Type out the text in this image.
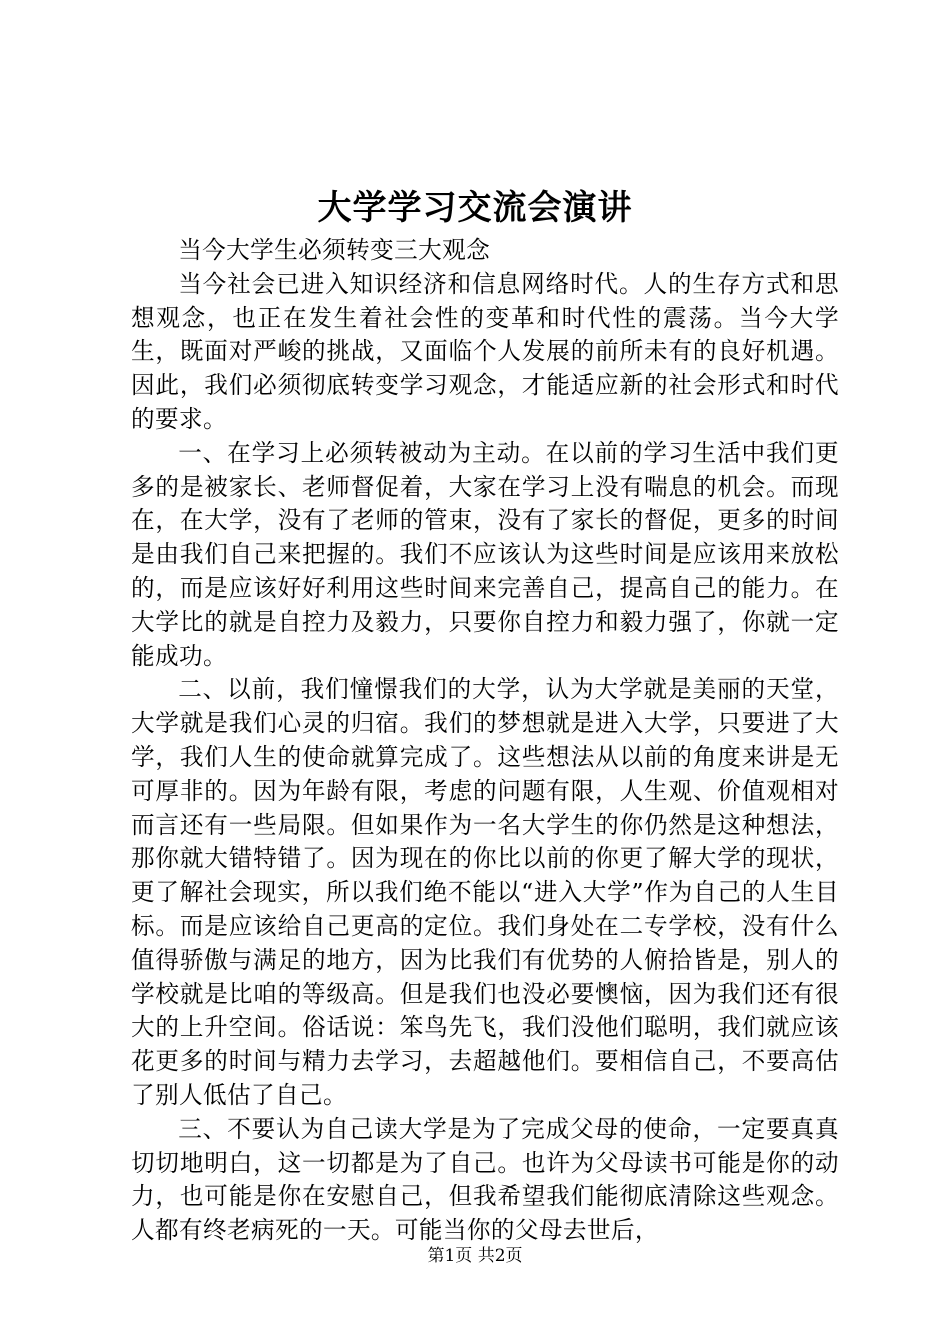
大学学习交流会演讲

当今大学生必须转变三大观念

当今社会已进入知识经济和信息网络时代。人的生存方式和思想观念，也正在发生着社会性的变革和时代性的震荡。当今大学生，既面对严峻的挑战，又面临个人发展的前所未有的良好机遇。因此，我们必须彻底转变学习观念，才能适应新的社会形式和时代的要求。

一、在学习上必须转被动为主动。在以前的学习生活中我们更多的是被家长、老师督促着，大家在学习上没有喘息的机会。而现在，在大学，没有了老师的管束，没有了家长的督促，更多的时间是由我们自己来把握的。我们不应该认为这些时间是应该用来放松的，而是应该好好利用这些时间来完善自己，提高自己的能力。在大学比的就是自控力及毅力，只要你自控力和毅力强了，你就一定能成功。

二、以前，我们憧憬我们的大学，认为大学就是美丽的天堂，大学就是我们心灵的归宿。我们的梦想就是进入大学，只要进了大学，我们人生的使命就算完成了。这些想法从以前的角度来讲是无可厚非的。因为年龄有限，考虑的问题有限，人生观、价值观相对而言还有一些局限。但如果作为一名大学生的你仍然是这种想法，那你就大错特错了。因为现在的你比以前的你更了解大学的现状，更了解社会现实，所以我们绝不能以“进入大学”作为自己的人生目标。而是应该给自己更高的定位。我们身处在二专学校，没有什么值得骄傲与满足的地方，因为比我们有优势的人俯拾皆是，别人的学校就是比咱的等级高。但是我们也没必要懊恼，因为我们还有很大的上升空间。俗话说：笨鸟先飞，我们没他们聪明，我们就应该花更多的时间与精力去学习，去超越他们。要相信自己，不要高估了别人低估了自己。

三、不要认为自己读大学是为了完成父母的使命，一定要真真切切地明白，这一切都是为了自己。也许为父母读书可能是你的动力，也可能是你在安慰自己，但我希望我们能彻底清除这些观念。人都有终老病死的一天。可能当你的父母去世后，

第1页 共2页
